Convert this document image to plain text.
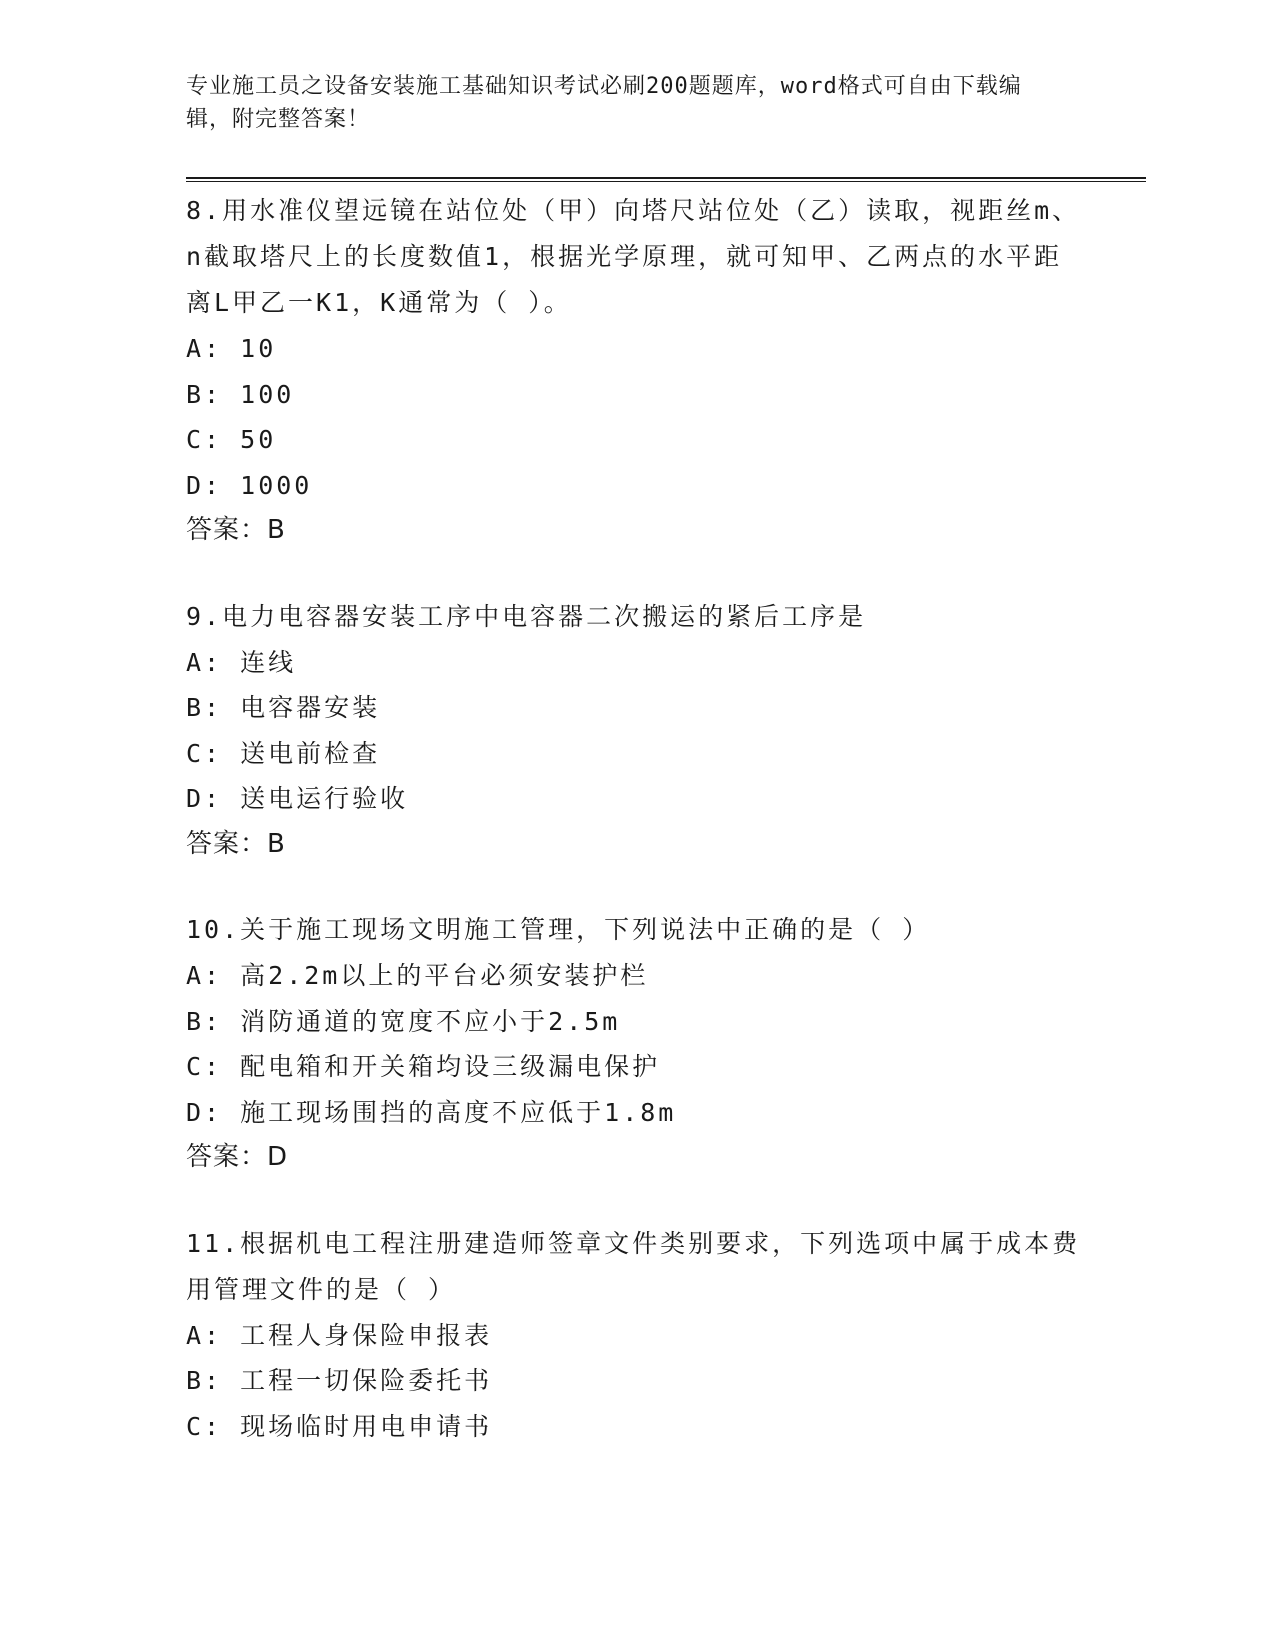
专业施工员之设备安装施工基础知识考试必刷200题题库，word格式可自由下载编辑，附完整答案！

8.用水准仪望远镜在站位处（甲）向塔尺站位处（乙）读取，视距丝m、n截取塔尺上的长度数值1，根据光学原理，就可知甲、乙两点的水平距离L甲乙一K1，K通常为（ ）。

A: 10
B: 100
C: 50
D: 1000
答案：B

9.电力电容器安装工序中电容器二次搬运的紧后工序是

A: 连线
B: 电容器安装
C: 送电前检查
D: 送电运行验收
答案：B

10.关于施工现场文明施工管理，下列说法中正确的是（ ）

A: 高2.2m以上的平台必须安装护栏
B: 消防通道的宽度不应小于2.5m
C: 配电箱和开关箱均设三级漏电保护
D: 施工现场围挡的高度不应低于1.8m
答案：D

11.根据机电工程注册建造师签章文件类别要求，下列选项中属于成本费用管理文件的是（ ）

A: 工程人身保险申报表
B: 工程一切保险委托书
C: 现场临时用电申请书
